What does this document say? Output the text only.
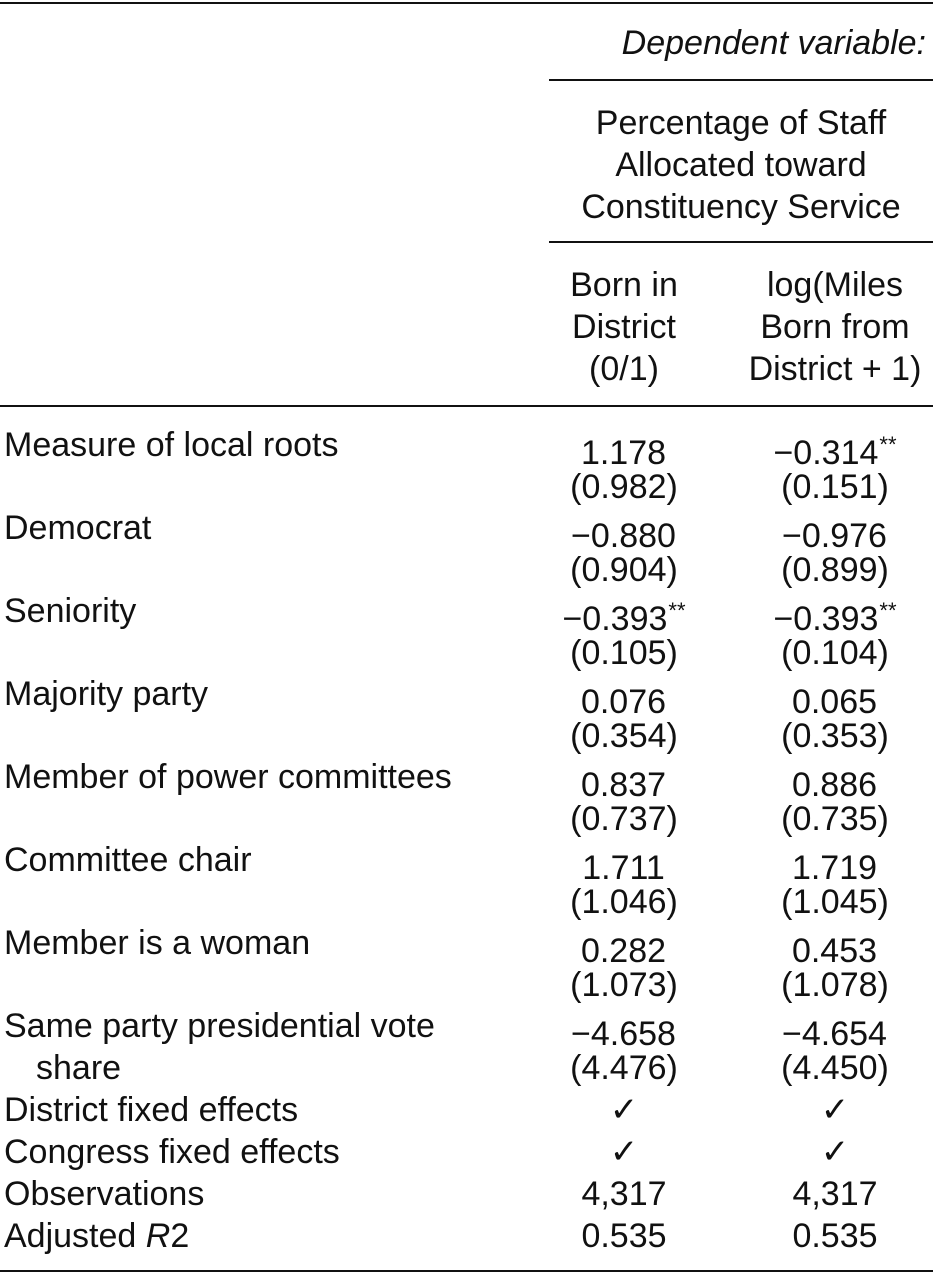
Dependent variable:
Percentage of Staff
Allocated toward
Constituency Service
Born in
District
(0/1)
log(Miles
Born from
District + 1)
Measure of local roots	1.178	−0.314**
(0.982)	(0.151)
Democrat	−0.880	−0.976
(0.904)	(0.899)
Seniority	−0.393**	−0.393**
(0.105)	(0.104)
Majority party	0.076	0.065
(0.354)	(0.353)
Member of power committees	0.837	0.886
(0.737)	(0.735)
Committee chair	1.711	1.719
(1.046)	(1.045)
Member is a woman	0.282	0.453
(1.073)	(1.078)
Same party presidential vote
share
−4.658	−4.654
(4.476)	(4.450)
District fixed effects	✓	✓
Congress fixed effects	✓	✓
Observations	4,317	4,317
Adjusted R2	0.535	0.535
